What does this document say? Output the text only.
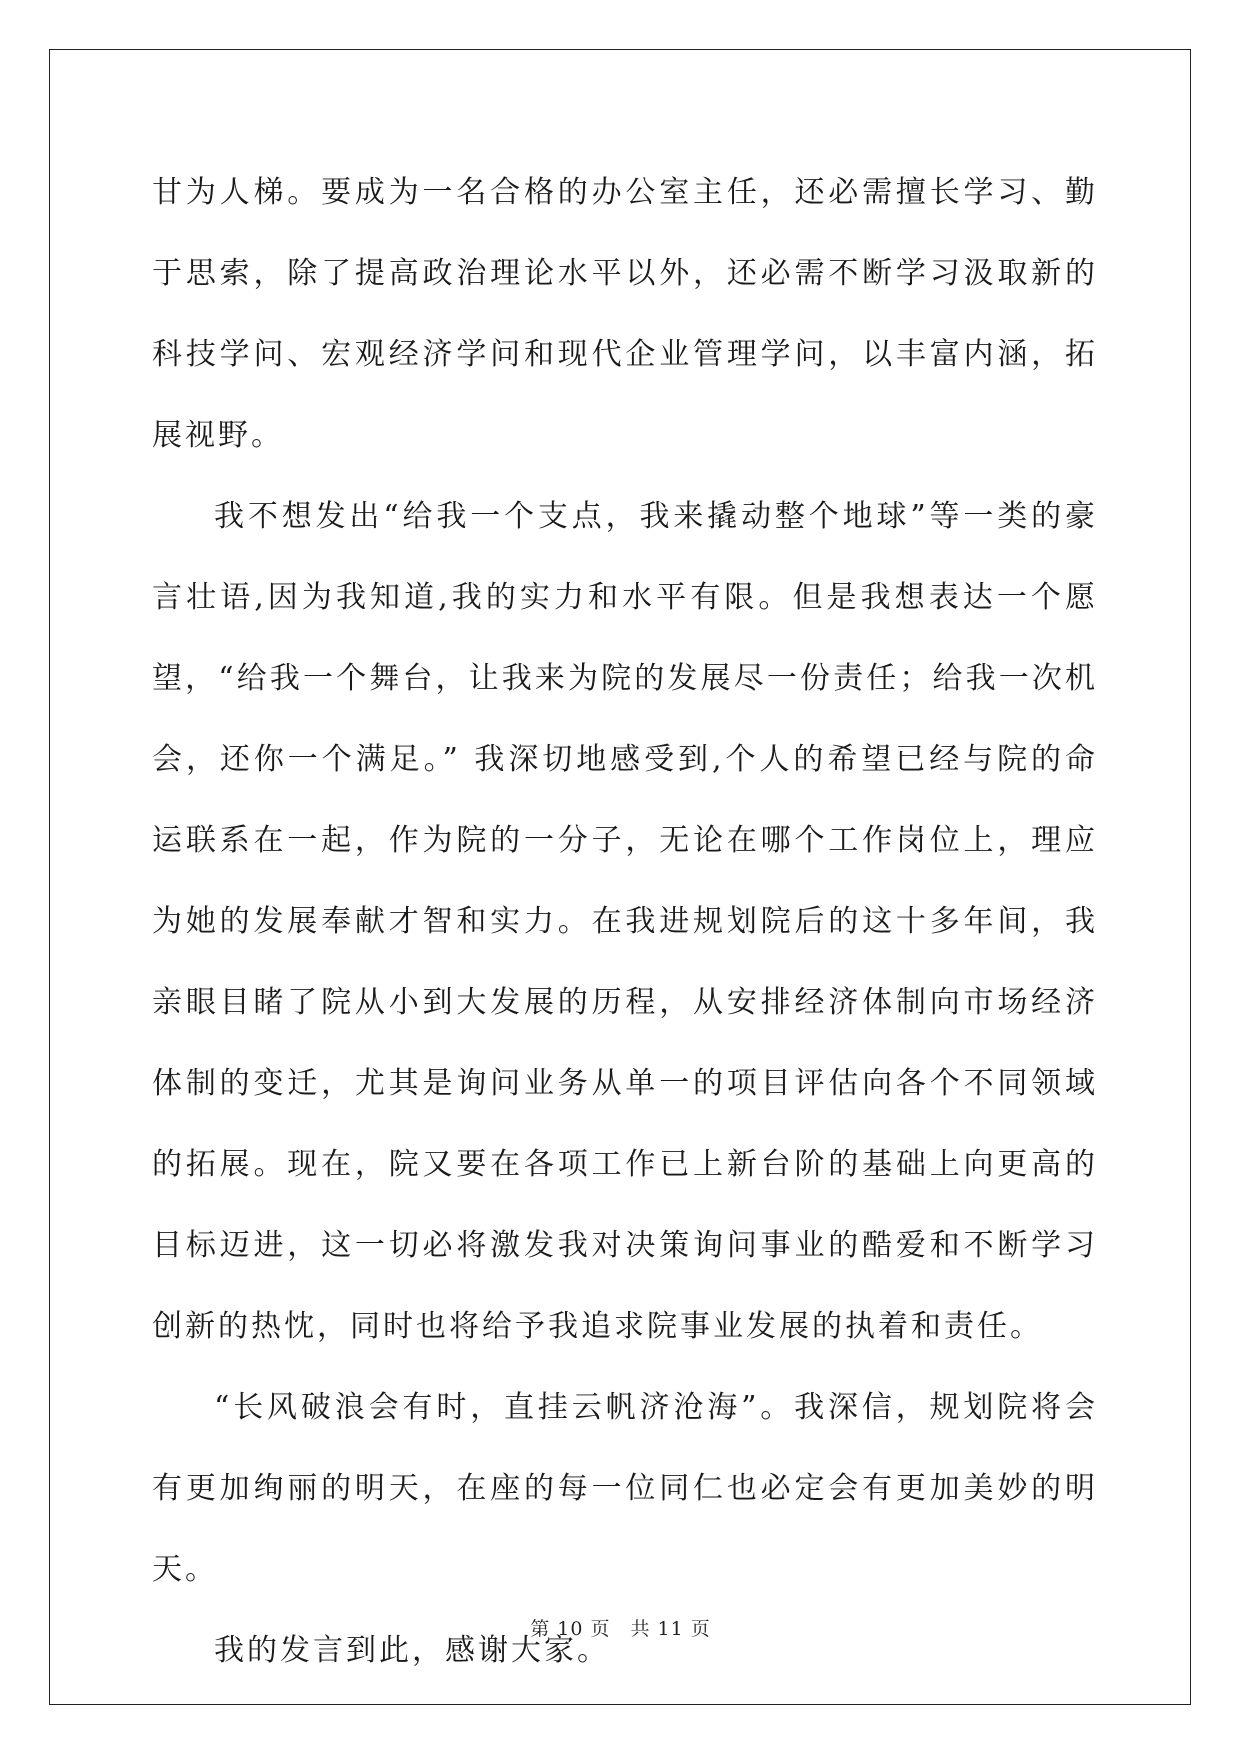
甘为人梯。要成为一名合格的办公室主任，还必需擅长学习、勤于思索，除了提高政治理论水平以外，还必需不断学习汲取新的科技学问、宏观经济学问和现代企业管理学问，以丰富内涵，拓展视野。

我不想发出“给我一个支点，我来撬动整个地球”等一类的豪言壮语,因为我知道,我的实力和水平有限。但是我想表达一个愿望，“给我一个舞台，让我来为院的发展尽一份责任；给我一次机会，还你一个满足。” 我深切地感受到,个人的希望已经与院的命运联系在一起，作为院的一分子，无论在哪个工作岗位上，理应为她的发展奉献才智和实力。在我进规划院后的这十多年间，我亲眼目睹了院从小到大发展的历程，从安排经济体制向市场经济体制的变迁，尤其是询问业务从单一的项目评估向各个不同领域的拓展。现在，院又要在各项工作已上新台阶的基础上向更高的目标迈进，这一切必将激发我对决策询问事业的酷爱和不断学习创新的热忱，同时也将给予我追求院事业发展的执着和责任。

“长风破浪会有时，直挂云帆济沧海”。我深信，规划院将会有更加绚丽的明天，在座的每一位同仁也必定会有更加美妙的明天。

我的发言到此，感谢大家。

第 10 页　共 11 页
